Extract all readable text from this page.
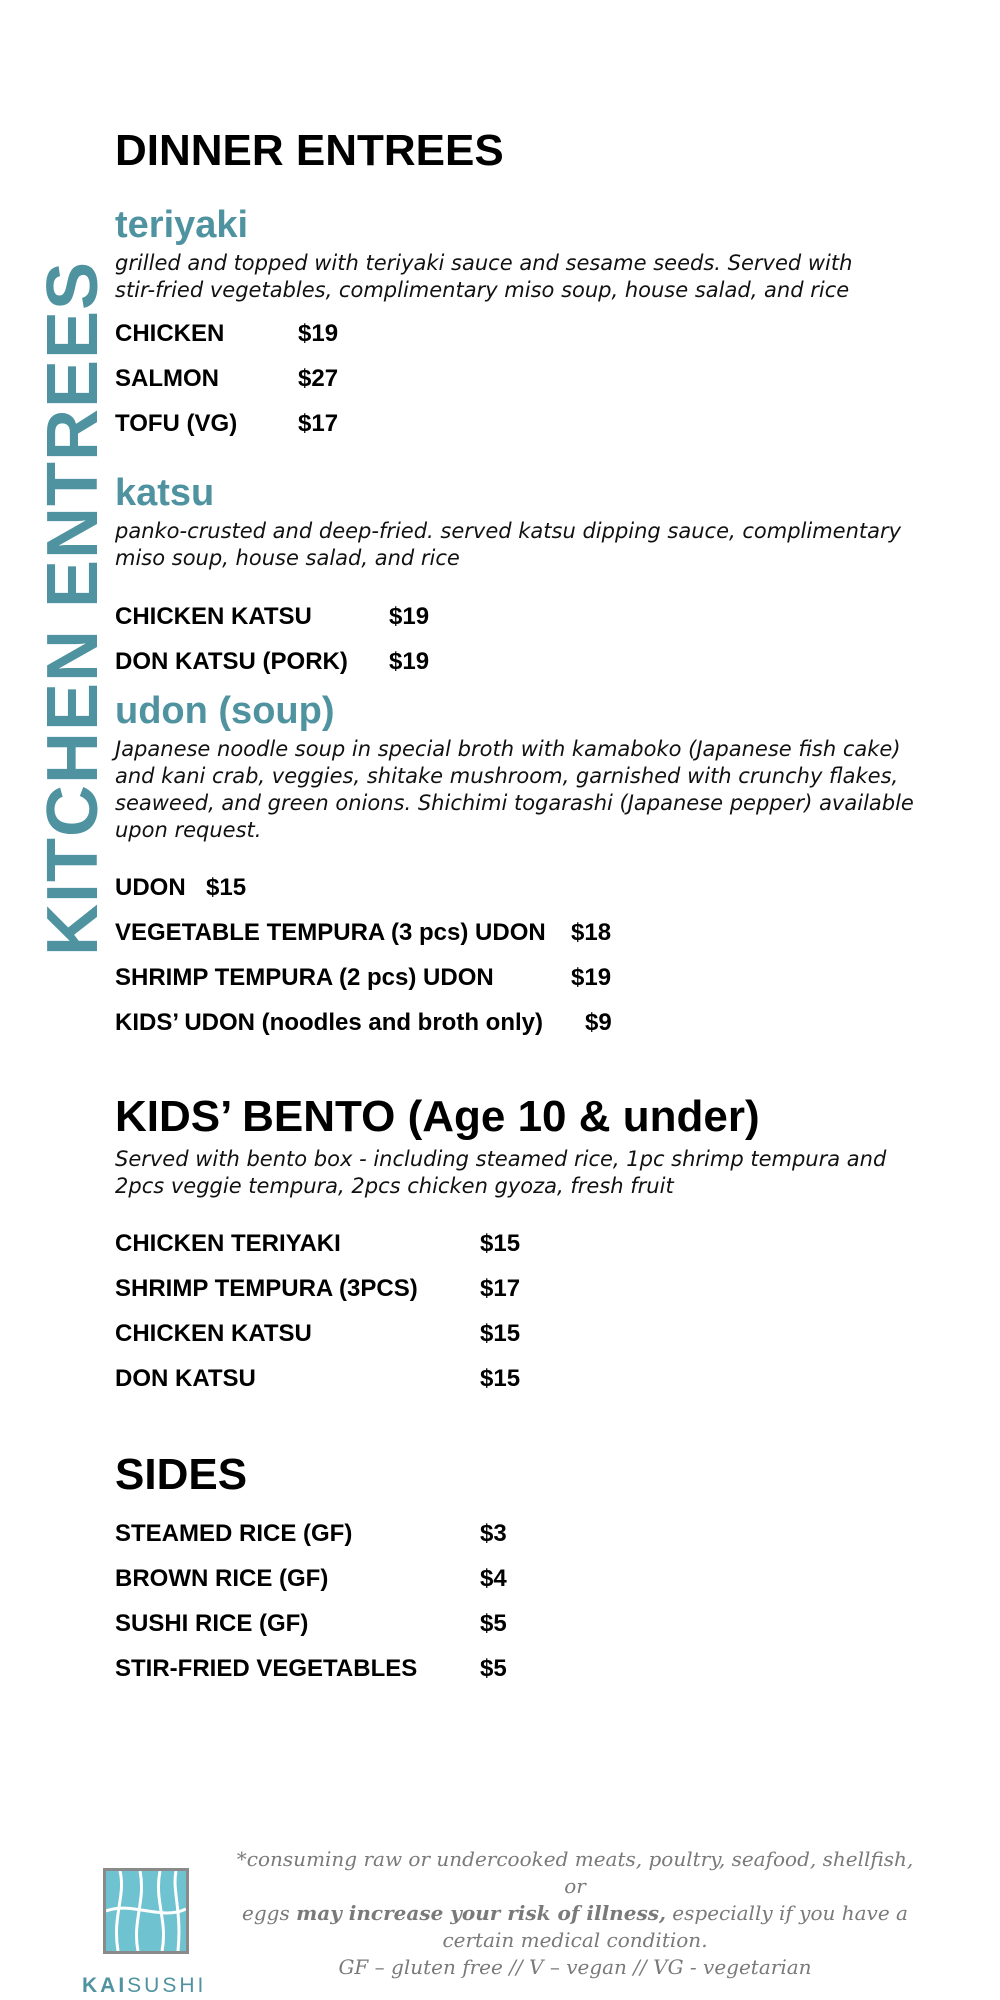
KITCHEN ENTREES
DINNER ENTREES
teriyaki

grilled and topped with teriyaki sauce and sesame seeds. Served with

stir-fried vegetables, complimentary miso soup, house salad, and rice

CHICKEN	$19
SALMON	$27
TOFU (VG)	$17
katsu

panko-crusted and deep-fried. served katsu dipping sauce, complimentary

miso soup, house salad, and rice

CHICKEN KATSU	$19
DON KATSU (PORK) $19
udon (soup)

Japanese noodle soup in special broth with kamaboko (Japanese fish cake)

and kani crab, veggies, shitake mushroom, garnished with crunchy flakes,

seaweed, and green onions. Shichimi togarashi (Japanese pepper) available

upon request.

UDON $15
VEGETABLE TEMPURA (3 pcs) UDON $18
SHRIMP TEMPURA (2 pcs) UDON	$19
KIDS’ UDON (noodles and broth only) $9
KIDS’ BENTO (Age 10 & under)

Served with bento box - including steamed rice, 1pc shrimp tempura and

2pcs veggie tempura, 2pcs chicken gyoza, fresh fruit

CHICKEN TERIYAKI	$15
SHRIMP TEMPURA (3PCS)	$17
CHICKEN KATSU	$15
DON KATSU	$15
SIDES
STEAMED RICE (GF)	$3
BROWN RICE (GF)	$4
SUSHI RICE (GF)	$5
STIR-FRIED VEGETABLES	$5
KAISUSHI
*consuming raw or undercooked meats, poultry, seafood, shellfish, or
eggs may increase your risk of illness, especially if you have a
certain medical condition.
GF – gluten free // V – vegan // VG - vegetarian
